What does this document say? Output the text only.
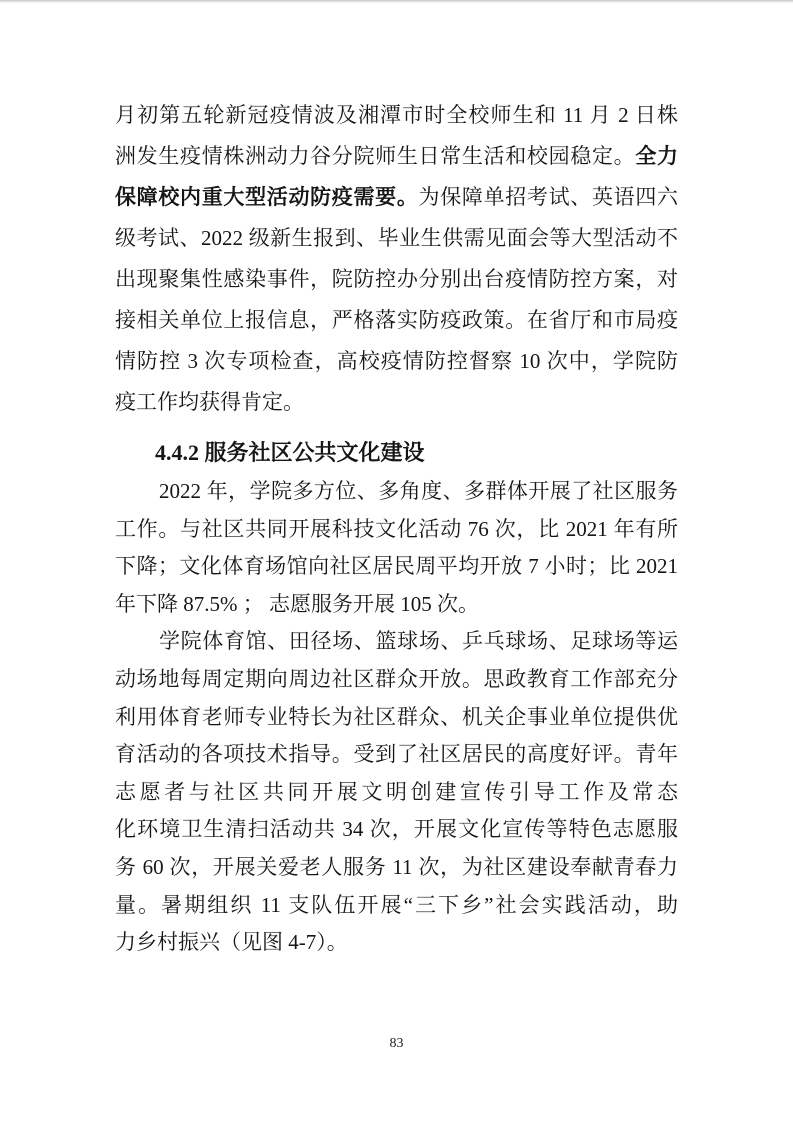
月初第五轮新冠疫情波及湘潭市时全校师生和 11 月 2 日株
洲发生疫情株洲动力谷分院师生日常生活和校园稳定。全力
保障校内重大型活动防疫需要。为保障单招考试、英语四六
级考试、2022 级新生报到、毕业生供需见面会等大型活动不
出现聚集性感染事件，院防控办分别出台疫情防控方案，对
接相关单位上报信息，严格落实防疫政策。在省厅和市局疫
情防控 3 次专项检查，高校疫情防控督察 10 次中，学院防
疫工作均获得肯定。
4.4.2 服务社区公共文化建设
2022 年，学院多方位、多角度、多群体开展了社区服务
工作。与社区共同开展科技文化活动 76 次，比 2021 年有所
下降；文化体育场馆向社区居民周平均开放 7 小时；比 2021
年下降 87.5% ； 志愿服务开展 105 次。
学院体育馆、田径场、篮球场、乒乓球场、足球场等运
动场地每周定期向周边社区群众开放。思政教育工作部充分
利用体育老师专业特长为社区群众、机关企事业单位提供优
育活动的各项技术指导。受到了社区居民的高度好评。青年
志愿者与社区共同开展文明创建宣传引导工作及常态
化环境卫生清扫活动共 34 次，开展文化宣传等特色志愿服
务 60 次，开展关爱老人服务 11 次，为社区建设奉献青春力
量。暑期组织 11 支队伍开展“三下乡”社会实践活动，助
力乡村振兴（见图 4-7）。
83
